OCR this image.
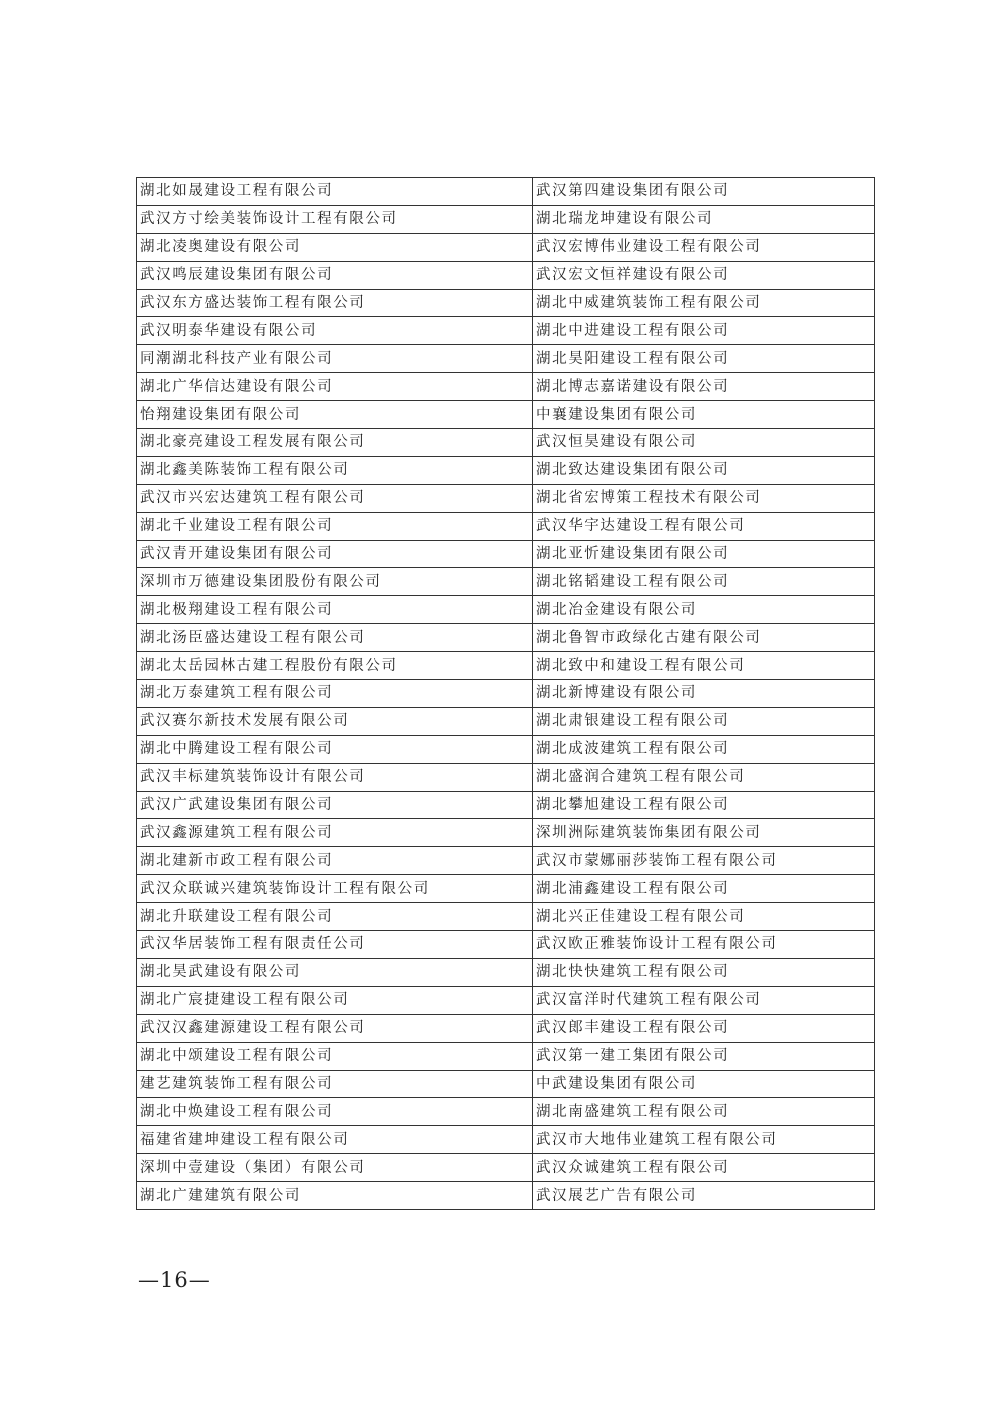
湖北如晟建设工程有限公司	武汉第四建设集团有限公司
武汉方寸绘美装饰设计工程有限公司	湖北瑞龙坤建设有限公司
湖北凌奥建设有限公司	武汉宏博伟业建设工程有限公司
武汉鸣辰建设集团有限公司	武汉宏文恒祥建设有限公司
武汉东方盛达装饰工程有限公司	湖北中威建筑装饰工程有限公司
武汉明泰华建设有限公司	湖北中进建设工程有限公司
同潮湖北科技产业有限公司	湖北昊阳建设工程有限公司
湖北广华信达建设有限公司	湖北博志嘉诺建设有限公司
怡翔建设集团有限公司	中襄建设集团有限公司
湖北豪亮建设工程发展有限公司	武汉恒昊建设有限公司
湖北鑫美陈装饰工程有限公司	湖北致达建设集团有限公司
武汉市兴宏达建筑工程有限公司	湖北省宏博策工程技术有限公司
湖北千业建设工程有限公司	武汉华宇达建设工程有限公司
武汉青开建设集团有限公司	湖北亚忻建设集团有限公司
深圳市万德建设集团股份有限公司	湖北铭韬建设工程有限公司
湖北极翔建设工程有限公司	湖北冶金建设有限公司
湖北汤臣盛达建设工程有限公司	湖北鲁智市政绿化古建有限公司
湖北太岳园林古建工程股份有限公司	湖北致中和建设工程有限公司
湖北万泰建筑工程有限公司	湖北新博建设有限公司
武汉赛尔新技术发展有限公司	湖北肃银建设工程有限公司
湖北中腾建设工程有限公司	湖北成波建筑工程有限公司
武汉丰标建筑装饰设计有限公司	湖北盛润合建筑工程有限公司
武汉广武建设集团有限公司	湖北攀旭建设工程有限公司
武汉鑫源建筑工程有限公司	深圳洲际建筑装饰集团有限公司
湖北建新市政工程有限公司	武汉市蒙娜丽莎装饰工程有限公司
武汉众联诚兴建筑装饰设计工程有限公司	湖北浦鑫建设工程有限公司
湖北升联建设工程有限公司	湖北兴正佳建设工程有限公司
武汉华居装饰工程有限责任公司	武汉欧正雅装饰设计工程有限公司
湖北昊武建设有限公司	湖北快快建筑工程有限公司
湖北广宸捷建设工程有限公司	武汉富洋时代建筑工程有限公司
武汉汉鑫建源建设工程有限公司	武汉郎丰建设工程有限公司
湖北中颂建设工程有限公司	武汉第一建工集团有限公司
建艺建筑装饰工程有限公司	中武建设集团有限公司
湖北中焕建设工程有限公司	湖北南盛建筑工程有限公司
福建省建坤建设工程有限公司	武汉市大地伟业建筑工程有限公司
深圳中壹建设（集团）有限公司	武汉众诚建筑工程有限公司
湖北广建建筑有限公司	武汉展艺广告有限公司
—16—
